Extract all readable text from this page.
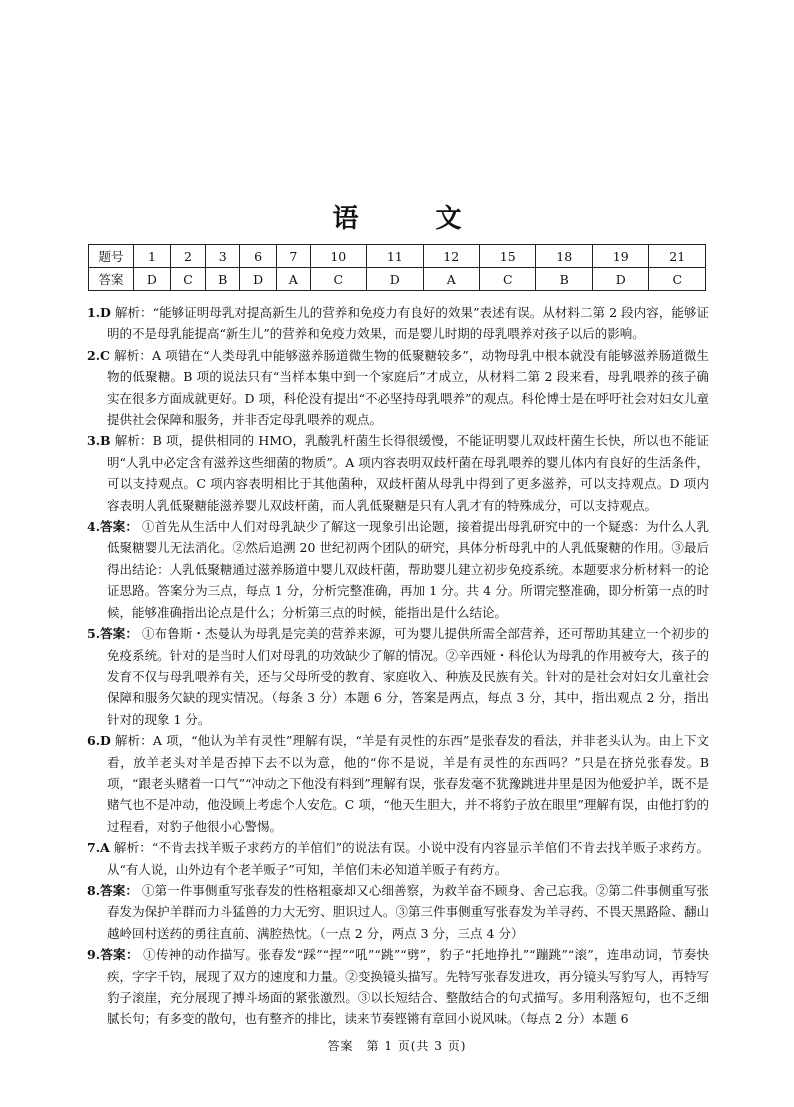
语 文
题号	1	2	3	6	7	10	11	12	15	18	19	21
答案	D	C	B	D	A	C	D	A	C	B	D	C

1.D 解析：“能够证明母乳对提高新生儿的营养和免疫力有良好的效果”表述有误。从材料二第 2 段内容，能够证明的不是母乳能提高“新生儿”的营养和免疫力效果，而是婴儿时期的母乳喂养对孩子以后的影响。

2.C 解析：A 项错在“人类母乳中能够滋养肠道微生物的低聚糖较多”，动物母乳中根本就没有能够滋养肠道微生物的低聚糖。B 项的说法只有“当样本集中到一个家庭后”才成立，从材料二第 2 段来看，母乳喂养的孩子确实在很多方面成就更好。D 项，科伦没有提出“不必坚持母乳喂养”的观点。科伦博士是在呼吁社会对妇女儿童提供社会保障和服务，并非否定母乳喂养的观点。

3.B 解析：B 项，提供相同的 HMO，乳酸乳杆菌生长得很缓慢，不能证明婴儿双歧杆菌生长快，所以也不能证明“人乳中必定含有滋养这些细菌的物质”。A 项内容表明双歧杆菌在母乳喂养的婴儿体内有良好的生活条件，可以支持观点。C 项内容表明相比于其他菌种，双歧杆菌从母乳中得到了更多滋养，可以支持观点。D 项内容表明人乳低聚糖能滋养婴儿双歧杆菌，而人乳低聚糖是只有人乳才有的特殊成分，可以支持观点。

4.答案： ①首先从生活中人们对母乳缺少了解这一现象引出论题，接着提出母乳研究中的一个疑惑：为什么人乳低聚糖婴儿无法消化。②然后追溯 20 世纪初两个团队的研究，具体分析母乳中的人乳低聚糖的作用。③最后得出结论：人乳低聚糖通过滋养肠道中婴儿双歧杆菌，帮助婴儿建立初步免疫系统。本题要求分析材料一的论证思路。答案分为三点，每点 1 分，分析完整准确，再加 1 分。共 4 分。所谓完整准确，即分析第一点的时候，能够准确指出论点是什么；分析第三点的时候，能指出是什么结论。

5.答案： ①布鲁斯・杰曼认为母乳是完美的营养来源，可为婴儿提供所需全部营养，还可帮助其建立一个初步的免疫系统。针对的是当时人们对母乳的功效缺少了解的情况。②辛西娅・科伦认为母乳的作用被夸大，孩子的发育不仅与母乳喂养有关，还与父母所受的教育、家庭收入、种族及民族有关。针对的是社会对妇女儿童社会保障和服务欠缺的现实情况。（每条 3 分）本题 6 分，答案是两点，每点 3 分，其中，指出观点 2 分，指出针对的现象 1 分。

6.D 解析：A 项，“他认为羊有灵性”理解有误，“羊是有灵性的东西”是张春发的看法，并非老头认为。由上下文看，放羊老头对羊是否掉下去不以为意，他的“你不是说，羊是有灵性的东西吗？”只是在挤兑张春发。B 项，“跟老头赌着一口气”“冲动之下他没有料到”理解有误，张春发毫不犹豫跳进井里是因为他爱护羊，既不是赌气也不是冲动，他没顾上考虑个人安危。C 项，“他天生胆大，并不将豹子放在眼里”理解有误，由他打豹的过程看，对豹子他很小心警惕。

7.A 解析：“不肯去找羊贩子求药方的羊倌们”的说法有误。小说中没有内容显示羊倌们不肯去找羊贩子求药方。从“有人说，山外边有个老羊贩子”可知，羊倌们未必知道羊贩子有药方。

8.答案： ①第一件事侧重写张春发的性格粗豪却又心细善察，为救羊奋不顾身、舍己忘我。②第二件事侧重写张春发为保护羊群而力斗猛兽的力大无穷、胆识过人。③第三件事侧重写张春发为羊寻药、不畏天黑路险、翻山越岭回村送药的勇往直前、满腔热忱。（一点 2 分，两点 3 分，三点 4 分）

9.答案： ①传神的动作描写。张春发“踩”“捏”“吼”“跳”“劈”，豹子“托地挣扎”“蹦跳”“滚”，连串动词，节奏快疾，字字千钧，展现了双方的速度和力量。②变换镜头描写。先特写张春发进攻，再分镜头写豹写人，再特写豹子滚崖，充分展现了搏斗场面的紧张激烈。③以长短结合、整散结合的句式描写。多用利落短句，也不乏细腻长句；有多变的散句，也有整齐的排比，读来节奏铿锵有章回小说风味。（每点 2 分）本题 6

答案　第 1 页(共 3 页)
